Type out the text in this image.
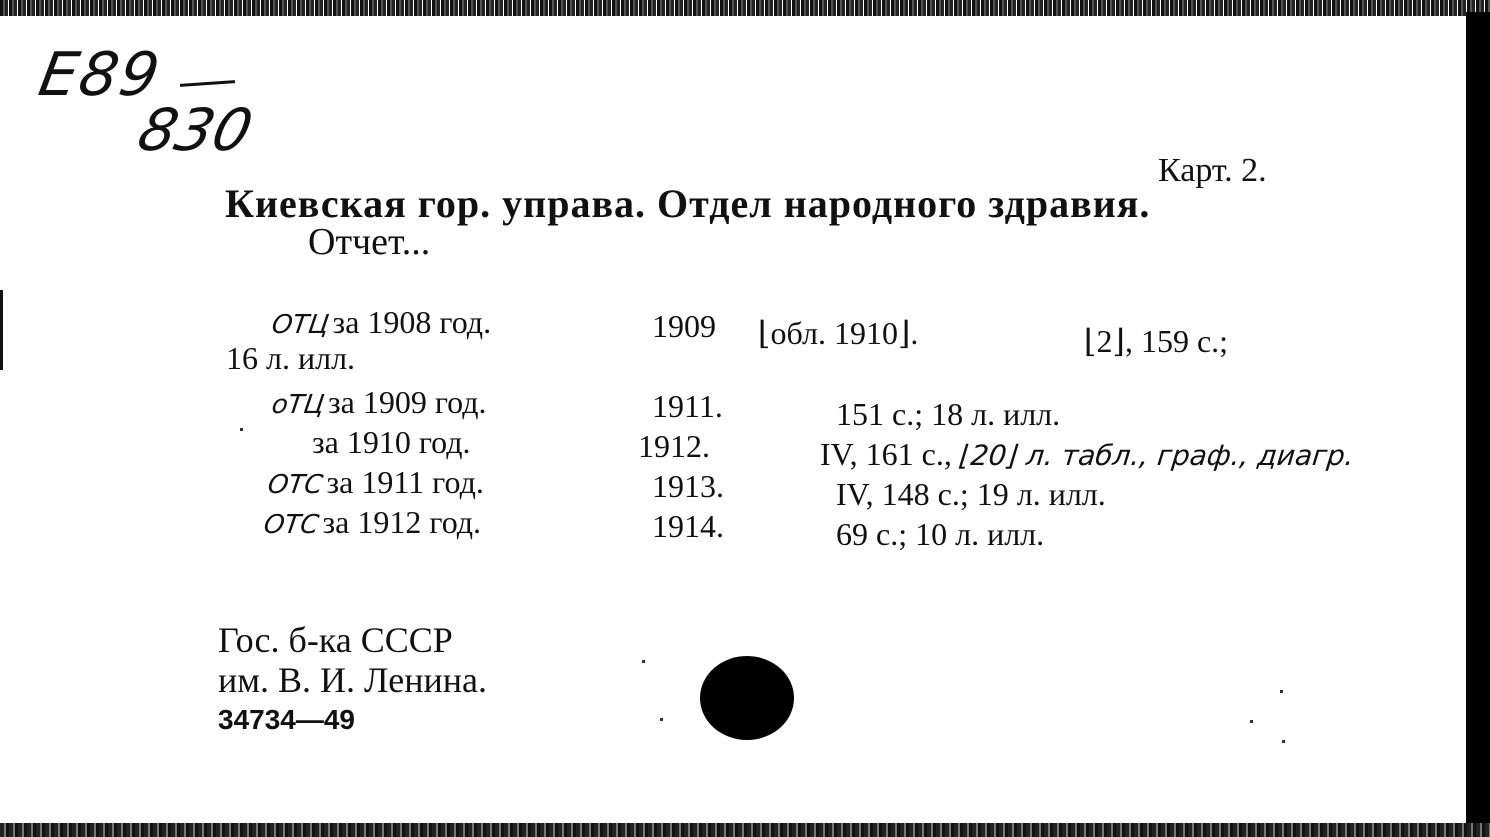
E89
830
Карт. 2.
Киевская гор. управа. Отдел народного здравия.
Отчет...
ОТЦза 1908 год.	1909 ⌊обл. 1910⌋.	⌊2⌋, 159 с.;
16 л. илл.
оТЦза 1909 год.	1911.	151 с.; 18 л. илл.
за 1910 год.	1912.	IV, 161 с., ⌊20⌋ л. табл., граф., диагр.
ОТСза 1911 год.	1913.	IV, 148 с.; 19 л. илл.
ОТСза 1912 год.	1914.	69 с.; 10 л. илл.
Гос. б-ка СССР
им. В. И. Ленина.
34734—49
